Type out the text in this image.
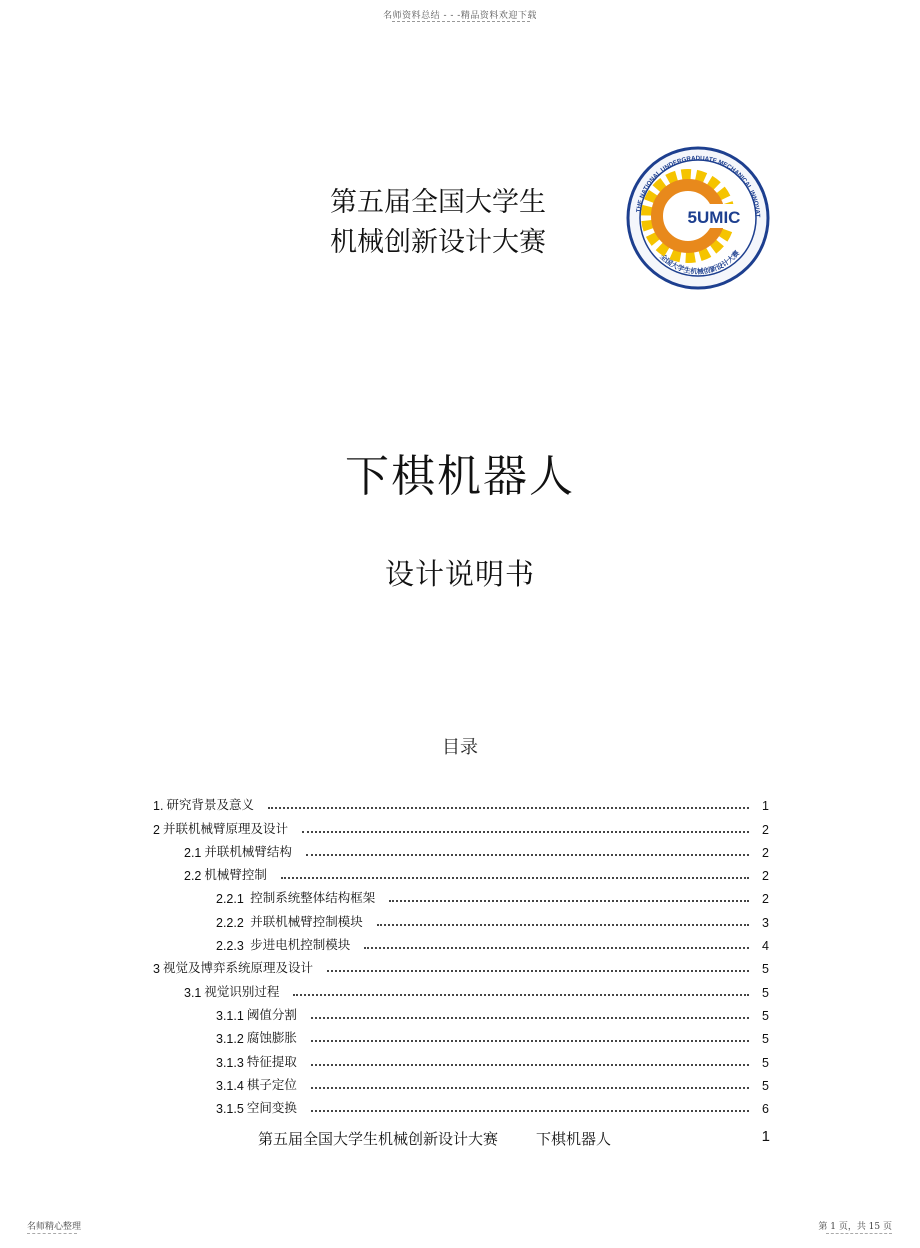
名师资料总结 - - -精品资料欢迎下载
第五届全国大学生
机械创新设计大赛
THE NATIONAL UNDERGRADUATE MECHANICAL INNOVAT
全国大学生机械创新设计大赛
5UMIC
下棋机器人
设计说明书
目录
1. 研究背景及意义	1
2 并联机械臂原理及设计	2
2.1 并联机械臂结构	2
2.2 机械臂控制	2
2.2.1 控制系统整体结构框架	2
2.2.2 并联机械臂控制模块	3
2.2.3 步进电机控制模块	4
3 视觉及博弈系统原理及设计	5
3.1 视觉识别过程	5
3.1.1 阈值分割	5
3.1.2 腐蚀膨胀	5
3.1.3 特征提取	5
3.1.4 棋子定位	5
3.1.5 空间变换	6
第五届全国大学生机械创新设计大赛	下棋机器人	1
名师精心整理	第 1 页，共 15 页
